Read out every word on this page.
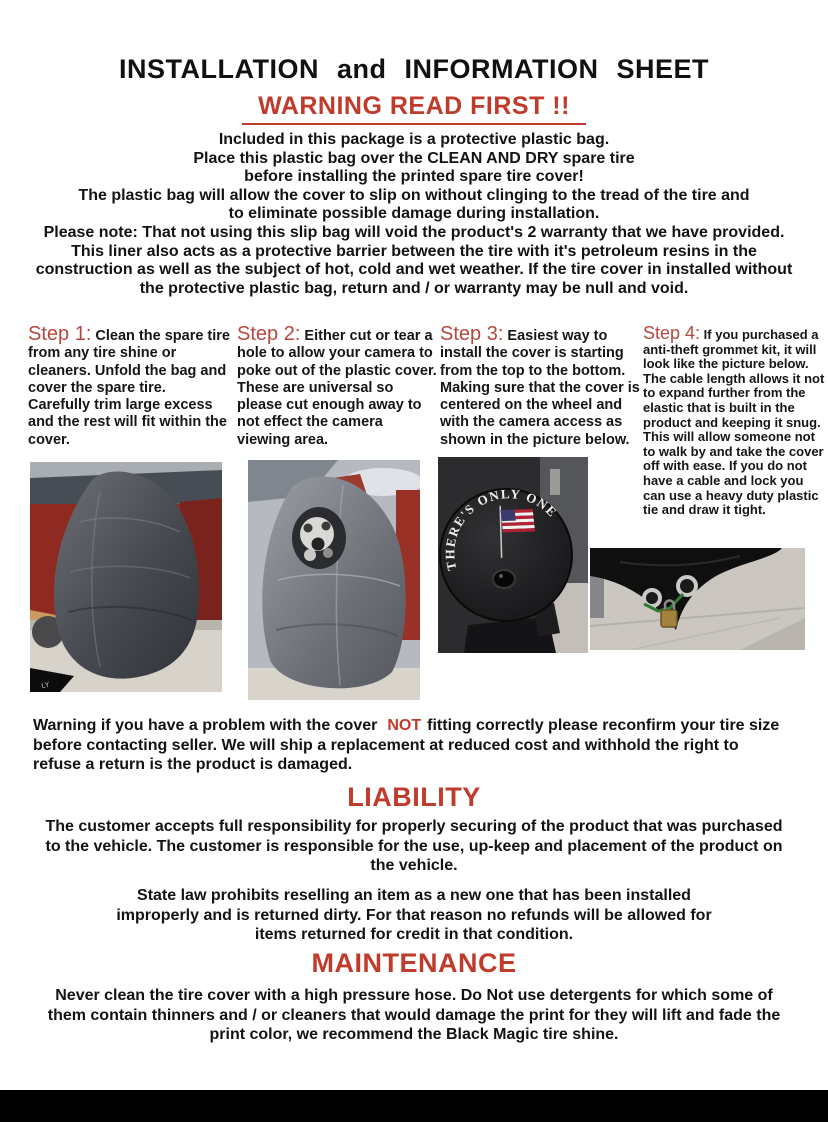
INSTALLATION and INFORMATION SHEET
WARNING READ FIRST !!
Included in this package is a protective plastic bag.
Place this plastic bag over the CLEAN AND DRY spare tire
before installing the printed spare tire cover!
The plastic bag will allow the cover to slip on without clinging to the tread of the tire and
to eliminate possible damage during installation.
Please note: That not using this slip bag will void the product's 2 warranty that we have provided.
This liner also acts as a protective barrier between the tire with it's petroleum resins in the
construction as well as the subject of hot, cold and wet weather. If the tire cover in installed without
the protective plastic bag, return and / or warranty may be null and void.
Step 1: Clean the spare tire from any tire shine or cleaners. Unfold the bag and cover the spare tire. Carefully trim large excess and the rest will fit within the cover.
Step 2: Either cut or tear a hole to allow your camera to poke out of the plastic cover. These are universal so please cut enough away to not effect the camera viewing area.
Step 3: Easiest way to install the cover is starting from the top to the bottom. Making sure that the cover is centered on the wheel and with the camera access as shown in the picture below.
Step 4: If you purchased a anti-theft grommet kit, it will look like the picture below. The cable length allows it not to expand further from the elastic that is built in the product and keeping it snug. This will allow someone not to walk by and take the cover off with ease. If you do not have a cable and lock you can use a heavy duty plastic tie and draw it tight.
LY
THERE'S ONLY ONE
Warning if you have a problem with the cover NOT fitting correctly please reconfirm your tire size
before contacting seller. We will ship a replacement at reduced cost and withhold the right to
refuse a return is the product is damaged.
LIABILITY
The customer accepts full responsibility for properly securing of the product that was purchased
to the vehicle. The customer is responsible for the use, up-keep and placement of the product on
the vehicle.
State law prohibits reselling an item as a new one that has been installed
improperly and is returned dirty. For that reason no refunds will be allowed for
items returned for credit in that condition.
MAINTENANCE
Never clean the tire cover with a high pressure hose. Do Not use detergents for which some of
them contain thinners and / or cleaners that would damage the print for they will lift and fade the
print color, we recommend the Black Magic tire shine.
